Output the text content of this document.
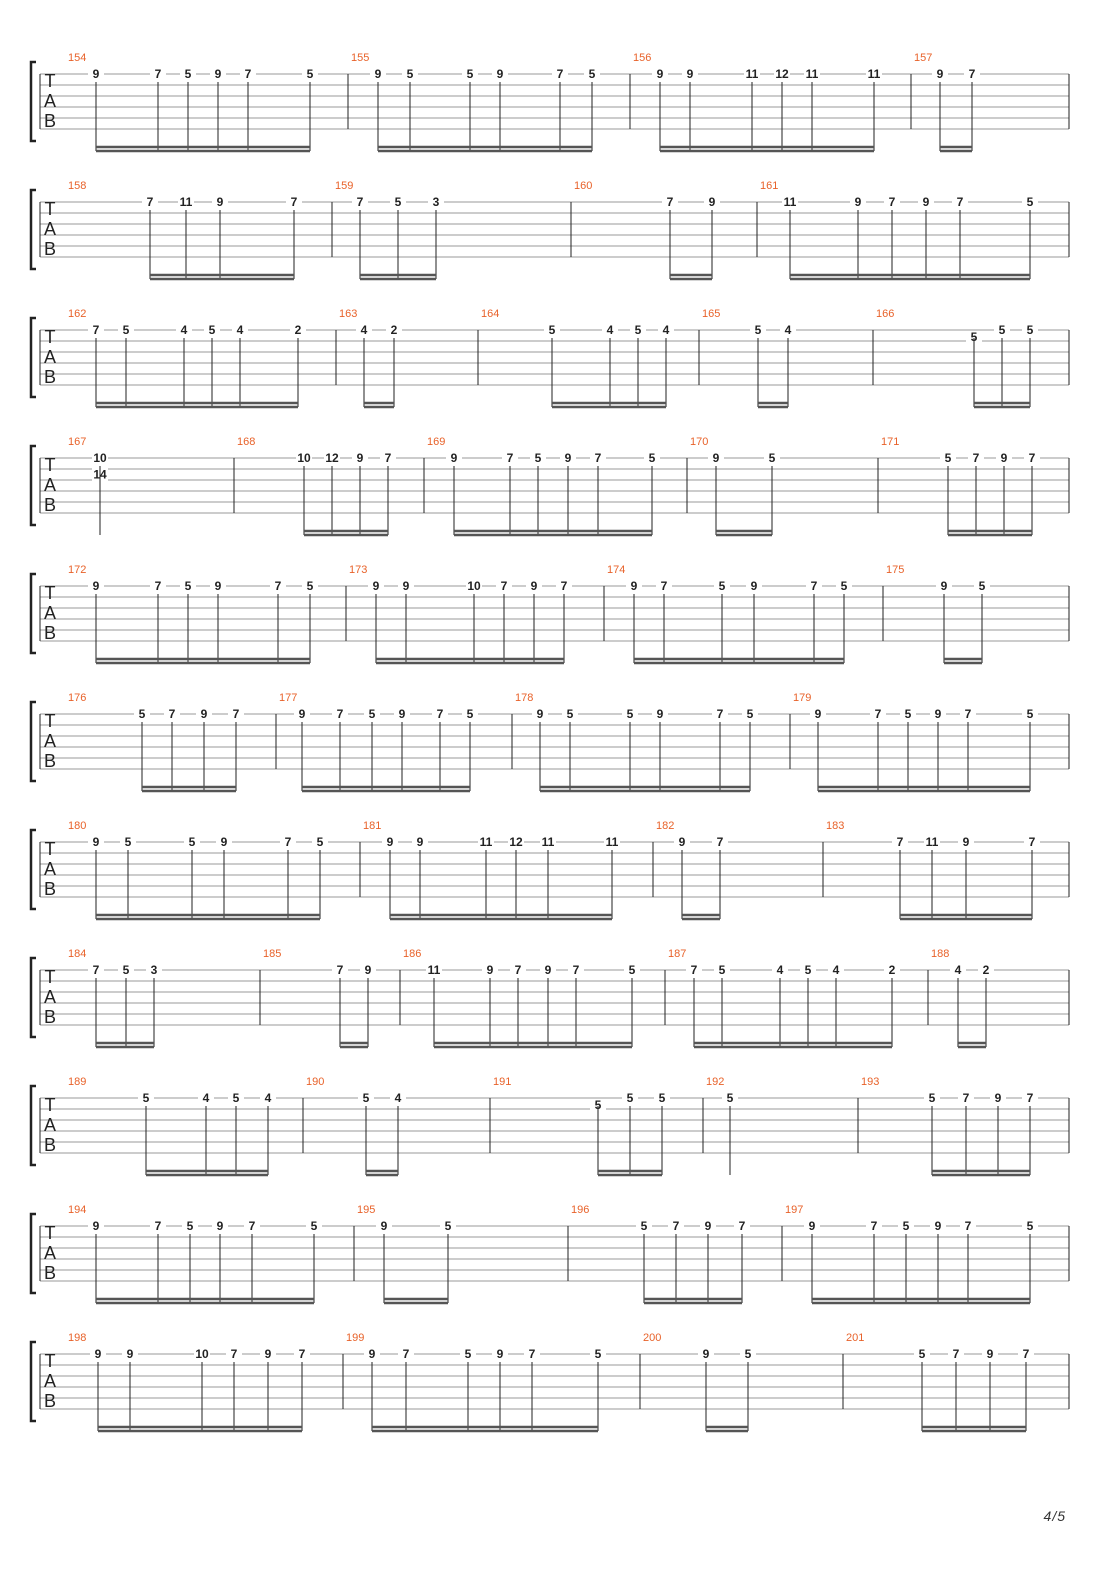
T
A
B
154
9	7 5 9 7	5
155
9 5	5 9	7 5
156
9 9	11 12 11	11
157
9 7
T
A
B
158
7 11 9	7
159
7	5	3
160
7	9
161
11	9 7 9 7	5
T
A
B
162
7 5	4 5 4	2
163
4 2
164
5	4 5 4
165
5 4
166
5 5 5
T
A
B
167
10
14
168
10 12 9 7
169
9	7 5 9 7	5
170
9	5
171
5 7 9 7
T
A
B
172
9	7 5 9	7 5
173
9 9	10 7 9 7
174
9 7	5 9	7 5
175
9	5
T
A
B
176
5 7 9 7
177
9	7 5 9	7 5
178
9 5	5 9	7 5
179
9	7 5 9 7	5
T
A
B
180
9 5	5 9	7 5
181
9 9	11 12 11	11
182
9	7
183
7 11 9	7
T
A
B
184
7 5 3
185
7 9
186
11	9 7 9 7	5
187
7 5	4 5 4	2
188
4 2
T
A
B
189
5	4 5 4
190
5 4
191
5 5 5
192
5
193
5 7 9 7
T
A
B
194
9	7 5 9 7	5
195
9	5
196
5 7 9 7
197
9	7 5 9 7	5
T
A
B
198
9 9	10 7 9 7
199
9 7	5 9 7	5
200
9	5
201
5 7 9 7
4/5
